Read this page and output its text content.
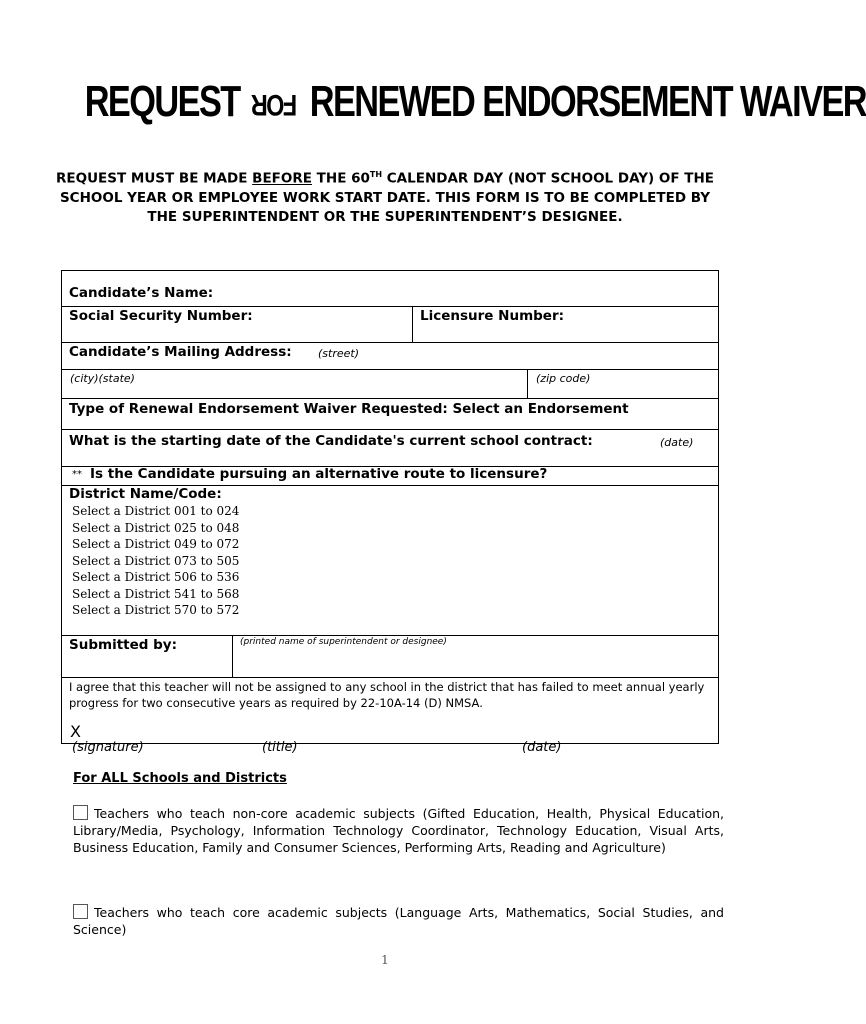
REQUEST FOR RENEWED ENDORSEMENT WAIVER
REQUEST MUST BE MADE BEFORE THE 60TH CALENDAR DAY (NOT SCHOOL DAY) OF THE SCHOOL YEAR OR EMPLOYEE WORK START DATE. THIS FORM IS TO BE COMPLETED BY THE SUPERINTENDENT OR THE SUPERINTENDENT’S DESIGNEE.
Candidate’s Name:
Social Security Number:	Licensure Number:
Candidate’s Mailing Address: (street)
(city)(state)	(zip code)
Type of Renewal Endorsement Waiver Requested: Select an Endorsement
What is the starting date of the Candidate's current school contract:	(date)
** Is the Candidate pursuing an alternative route to licensure?
District Name/Code:
Select a District 001 to 024
Select a District 025 to 048
Select a District 049 to 072
Select a District 073 to 505
Select a District 506 to 536
Select a District 541 to 568
Select a District 570 to 572
Submitted by:	(printed name of superintendent or designee)
I agree that this teacher will not be assigned to any school in the district that has failed to meet annual yearly progress for two consecutive years as required by 22-10A-14 (D) NMSA.
X
(signature)	(title)	(date)
For ALL Schools and Districts
Teachers who teach non-core academic subjects (Gifted Education, Health, Physical Education, Library/Media, Psychology, Information Technology Coordinator, Technology Education, Visual Arts, Business Education, Family and Consumer Sciences, Performing Arts, Reading and Agriculture)
Teachers who teach core academic subjects (Language Arts, Mathematics, Social Studies, and Science)
1
